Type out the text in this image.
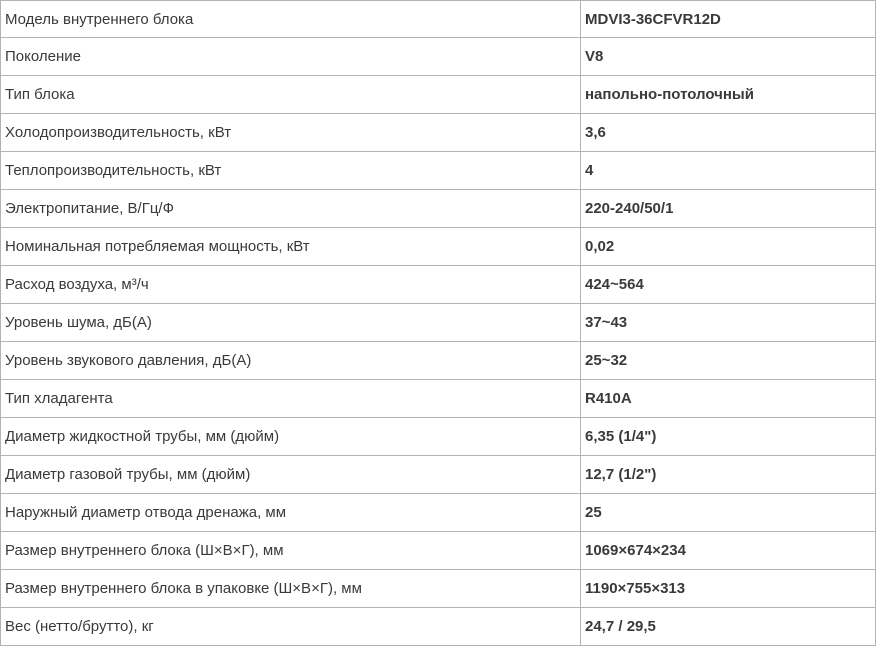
Модель внутреннего блока	MDVI3-36CFVR12D
Поколение	V8
Тип блока	напольно-потолочный
Холодопроизводительность, кВт	3,6
Теплопроизводительность, кВт	4
Электропитание, В/Гц/Ф	220-240/50/1
Номинальная потребляемая мощность, кВт	0,02
Расход воздуха, м³/ч	424~564
Уровень шума, дБ(А)	37~43
Уровень звукового давления, дБ(А)	25~32
Тип хладагента	R410A
Диаметр жидкостной трубы, мм (дюйм)	6,35 (1/4")
Диаметр газовой трубы, мм (дюйм)	12,7 (1/2")
Наружный диаметр отвода дренажа, мм	25
Размер внутреннего блока (Ш×В×Г), мм	1069×674×234
Размер внутреннего блока в упаковке (Ш×В×Г), мм	1190×755×313
Вес (нетто/брутто), кг	24,7 / 29,5
